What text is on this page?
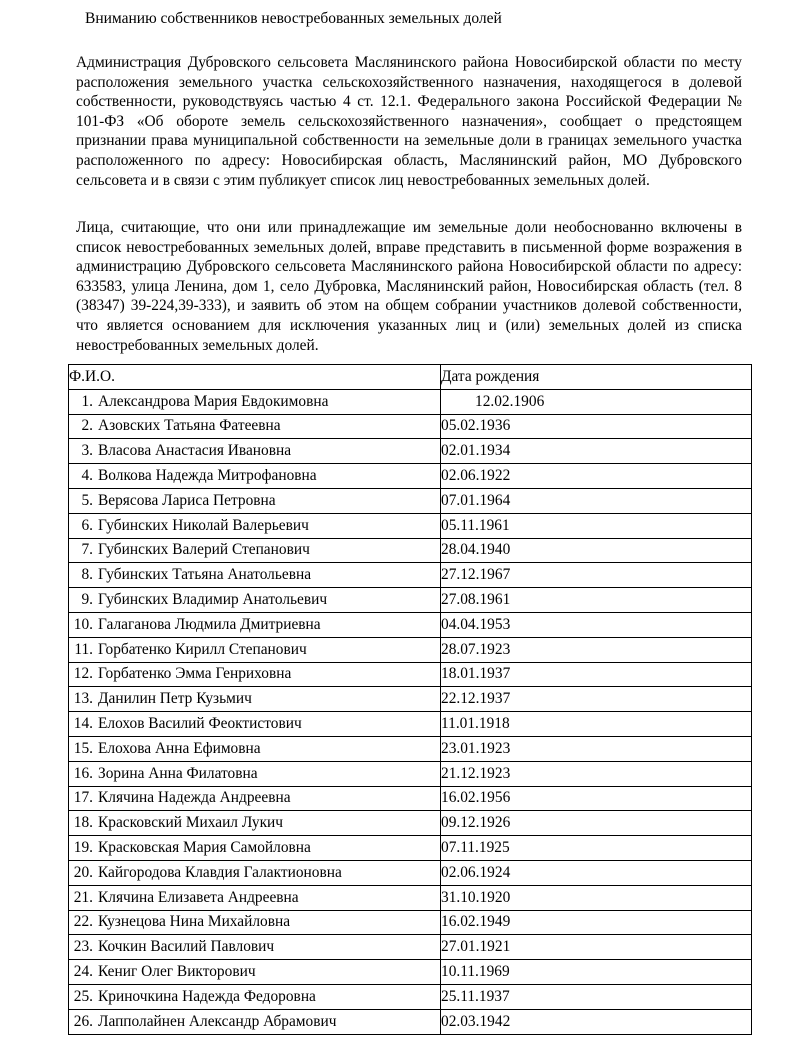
Вниманию собственников невостребованных земельных долей

Администрация Дубровского сельсовета Маслянинского района Новосибирской области по месту расположения земельного участка сельскохозяйственного назначения, находящегося в долевой собственности, руководствуясь частью 4 ст. 12.1. Федерального закона Российской Федерации № 101-ФЗ «Об обороте земель сельскохозяйственного назначения», сообщает о предстоящем признании права муниципальной собственности на земельные доли в границах земельного участка расположенного по адресу: Новосибирская область, Маслянинский район, МО Дубровского сельсовета и в связи с этим публикует список лиц невостребованных земельных долей.

Лица, считающие, что они или принадлежащие им земельные доли необоснованно включены в список невостребованных земельных долей, вправе представить в письменной форме возражения в администрацию Дубровского сельсовета Маслянинского района Новосибирской области по адресу: 633583, улица Ленина, дом 1, село Дубровка, Маслянинский район, Новосибирская область (тел. 8 (38347) 39-224,39-333), и заявить об этом на общем собрании участников долевой собственности, что является основанием для исключения указанных лиц и (или) земельных долей из списка невостребованных земельных долей.

Ф.И.О.	Дата рождения
1. Александрова Мария Евдокимовна	12.02.1906
2. Азовских Татьяна Фатеевна	05.02.1936
3. Власова Анастасия Ивановна	02.01.1934
4. Волкова Надежда Митрофановна	02.06.1922
5. Верясова Лариса Петровна	07.01.1964
6. Губинских Николай Валерьевич	05.11.1961
7. Губинских Валерий Степанович	28.04.1940
8. Губинских Татьяна Анатольевна	27.12.1967
9. Губинских Владимир Анатольевич	27.08.1961
10. Галаганова Людмила Дмитриевна	04.04.1953
11. Горбатенко Кирилл Степанович	28.07.1923
12. Горбатенко Эмма Генриховна	18.01.1937
13. Данилин Петр Кузьмич	22.12.1937
14. Елохов Василий Феоктистович	11.01.1918
15. Елохова Анна Ефимовна	23.01.1923
16. Зорина Анна Филатовна	21.12.1923
17. Клячина Надежда Андреевна	16.02.1956
18. Красковский Михаил Лукич	09.12.1926
19. Красковская Мария Самойловна	07.11.1925
20. Кайгородова Клавдия Галактионовна	02.06.1924
21. Клячина Елизавета Андреевна	31.10.1920
22. Кузнецова Нина Михайловна	16.02.1949
23. Кочкин Василий Павлович	27.01.1921
24. Кениг Олег Викторович	10.11.1969
25. Криночкина Надежда Федоровна	25.11.1937
26. Лапполайнен Александр Абрамович	02.03.1942
